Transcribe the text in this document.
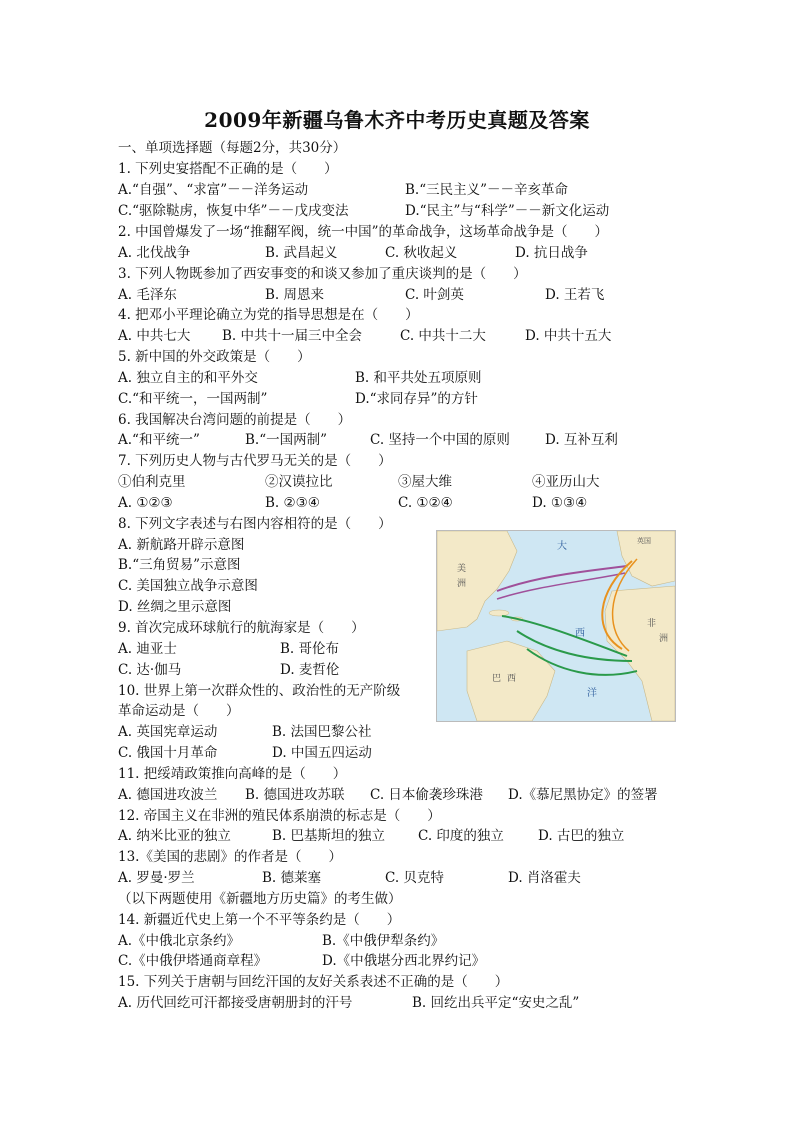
2009年新疆乌鲁木齐中考历史真题及答案
一、单项选择题（每题2分，共30分）
1. 下列史宴搭配不正确的是（　　）
A.“自强”、“求富”－－洋务运动	B.“三民主义”－－辛亥革命
C.“驱除鞑虏，恢复中华”－－戊戌变法	D.“民主”与“科学”－－新文化运动
2. 中国曾爆发了一场“推翻军阀，统一中国”的革命战争，这场革命战争是（　　）
A. 北伐战争	B. 武昌起义	C. 秋收起义	D. 抗日战争
3. 下列人物既参加了西安事变的和谈又参加了重庆谈判的是（　　）
A. 毛泽东	B. 周恩来	C. 叶剑英	D. 王若飞
4. 把邓小平理论确立为党的指导思想是在（　　）
A. 中共七大 B. 中共十一届三中全会	C. 中共十二大	D. 中共十五大
5. 新中国的外交政策是（　　）
A. 独立自主的和平外交	B. 和平共处五项原则
C.“和平统一，一国两制”	D.“求同存异”的方针
6. 我国解决台湾问题的前提是（　　）
A.“和平统一”	B.“一国两制”	C. 坚持一个中国的原则	D. 互补互利
7. 下列历史人物与古代罗马无关的是（　　）
①伯利克里	②汉谟拉比	③屋大维	④亚历山大
A. ①②③	B. ②③④	C. ①②④	D. ①③④
8. 下列文字表述与右图内容相符的是（　　）
A. 新航路开辟示意图
B.“三角贸易”示意图
C. 美国独立战争示意图
D. 丝绸之里示意图
大
西
洋
美
洲
巴 西
非
洲
英国
9. 首次完成环球航行的航海家是（　　）
A. 迪亚士	B. 哥伦布
C. 达·伽马	D. 麦哲伦
10. 世界上第一次群众性的、政治性的无产阶级
革命运动是（　　）
A. 英国宪章运动	B. 法国巴黎公社
C. 俄国十月革命	D. 中国五四运动
11. 把绥靖政策推向高峰的是（　　）
A. 德国进攻波兰 B. 德国进攻苏联 C. 日本偷袭珍珠港 D.《慕尼黑协定》的签署
12. 帝国主义在非洲的殖民体系崩溃的标志是（　　）
A. 纳米比亚的独立	B. 巴基斯坦的独立 C. 印度的独立	D. 古巴的独立
13.《美国的悲剧》的作者是（　　）
A. 罗曼·罗兰	B. 德莱塞	C. 贝克特	D. 肖洛霍夫
（以下两题使用《新疆地方历史篇》的考生做）
14. 新疆近代史上第一个不平等条约是（　　）
A.《中俄北京条约》	B.《中俄伊犁条约》
C.《中俄伊塔通商章程》	D.《中俄堪分西北界约记》
15. 下列关于唐朝与回纥汗国的友好关系表述不正确的是（　　）
A. 历代回纥可汗都接受唐朝册封的汗号	B. 回纥出兵平定“安史之乱”
